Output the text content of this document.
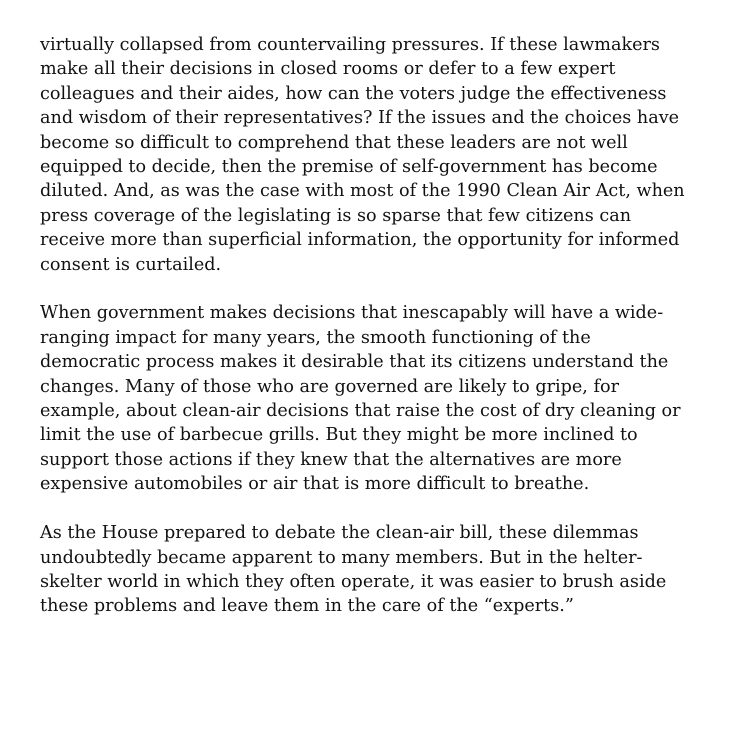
virtually collapsed from countervailing pressures. If these lawmakers
make all their decisions in closed rooms or defer to a few expert
colleagues and their aides, how can the voters judge the effectiveness
and wisdom of their representatives? If the issues and the choices have
become so difficult to comprehend that these leaders are not well
equipped to decide, then the premise of self-government has become
diluted. And, as was the case with most of the 1990 Clean Air Act, when
press coverage of the legislating is so sparse that few citizens can
receive more than superficial information, the opportunity for informed
consent is curtailed.

When government makes decisions that inescapably will have a wide-
ranging impact for many years, the smooth functioning of the
democratic process makes it desirable that its citizens understand the
changes. Many of those who are governed are likely to gripe, for
example, about clean-air decisions that raise the cost of dry cleaning or
limit the use of barbecue grills. But they might be more inclined to
support those actions if they knew that the alternatives are more
expensive automobiles or air that is more difficult to breathe.

As the House prepared to debate the clean-air bill, these dilemmas
undoubtedly became apparent to many members. But in the helter-
skelter world in which they often operate, it was easier to brush aside
these problems and leave them in the care of the “experts.”
